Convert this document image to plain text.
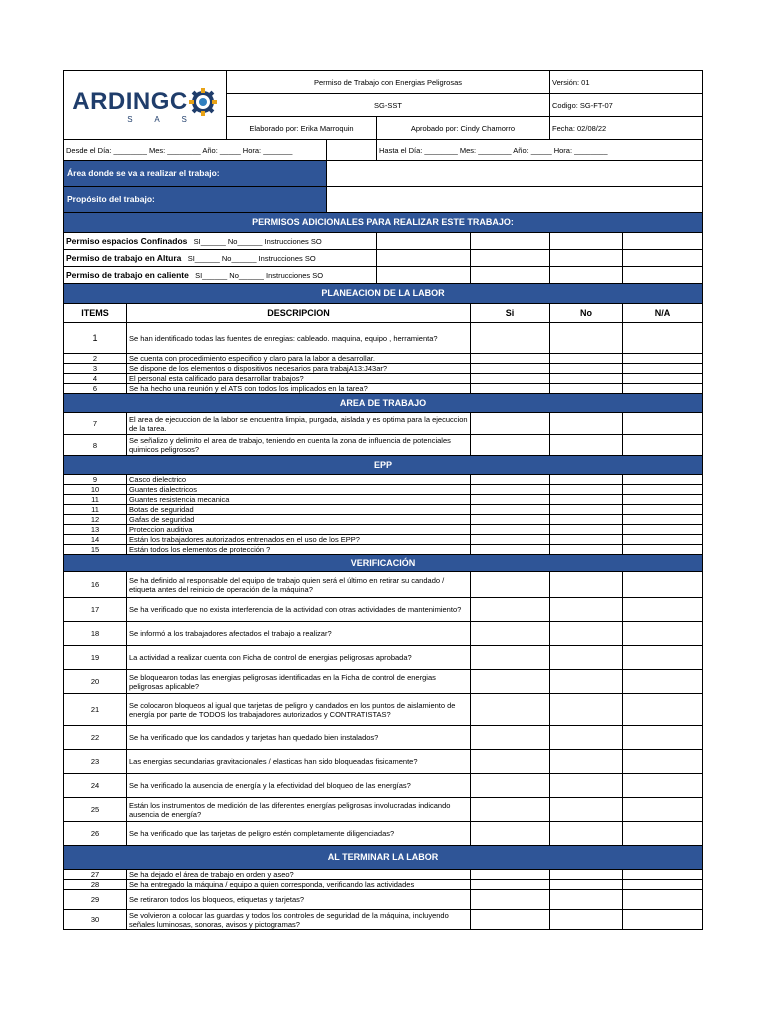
ARDINGC
S A S		Permiso de Trabajo con Energias Peligrosas				Versión: 01	
		SG-SST				Codigo: SG-FT-07	
		Elaborado por: Erika Marroquin		Aprobado por: Cindy Chamorro		Fecha: 02/08/22	
Desde el Día: ________ Mes: ________ Año: _____ Hora: _______				Hasta el Día: ________ Mes: ________ Año: _____ Hora: ________			
Área donde se va a realizar el trabajo:							
Propósito del trabajo:							
PERMISOS ADICIONALES PARA REALIZAR ESTE TRABAJO:							
Permiso espacios Confinados SI______ No______ Instrucciones SO							
Permiso de trabajo en Altura SI______ No______ Instrucciones SO							
Permiso de trabajo en caliente SI______ No______ Instrucciones SO							
PLANEACION DE LA LABOR							
ITEMS	DESCRIPCION				Si	No	N/A
1	Se han identificado todas las fuentes de enregias: cableado. maquina, equipo , herramienta?						
2	Se cuenta con procedimiento especifico y claro para la labor a desarrollar.						
3	Se dispone de los elementos o dispositivos necesarios para trabajA13:J43ar?						
4	El personal esta calificado para desarrollar trabajos?						
6	Se ha hecho una reunión y el ATS con todos los implicados en la tarea?						
AREA DE TRABAJO							
7	El area de ejecuccion de la labor se encuentra limpia, purgada, aislada y es optima para la ejecuccion de la tarea.						
8	Se señalizo y delimito el area de trabajo, teniendo en cuenta la zona de influencia de potenciales quimicos peligrosos?						
EPP							
9	Casco dielectrico						
10	Guantes dialectricos						
11	Guantes resistencia mecanica						
11	Botas de seguridad						
12	Gafas de seguridad						
13	Proteccion auditiva						
14	Están los trabajadores autorizados entrenados en el uso de los EPP?						
15	Están todos los elementos de protección ?						
VERIFICACIÓN							
16	Se ha definido al responsable del equipo de trabajo quien será el último en retirar su candado / etiqueta antes del reinicio de operación de la máquina?						
17	Se ha verificado que no exista interferencia de la actividad con otras actividades de mantenimiento?						
18	Se informó a los trabajadores afectados el trabajo a realizar?						
19	La actividad a realizar cuenta con Ficha de control de energias peligrosas aprobada?						
20	Se bloquearon todas las energias peligrosas identificadas en la Ficha de control de energias peligrosas aplicable?						
21	Se colocaron bloqueos al igual que tarjetas de peligro y candados en los puntos de aislamiento de energía por parte de TODOS los trabajadores autorizados y CONTRATISTAS?						
22	Se ha verificado que los candados y tarjetas han quedado bien instalados?						
23	Las energias secundarias gravitacionales / elasticas han sido bloqueadas fisicamente?						
24	Se ha verificado la ausencia de energía y la efectividad del bloqueo de las energías?						
25	Están los instrumentos de medición de las diferentes energías peligrosas involucradas indicando ausencia de energía?						
26	Se ha verificado que las tarjetas de peligro estén completamente diligenciadas?						
AL TERMINAR LA LABOR							
27	Se ha dejado el área de trabajo en orden y aseo?						
28	Se ha entregado la máquina / equipo a quien corresponda, verificando las actividades						
29	Se retiraron todos los bloqueos, etiquetas y tarjetas?						
30	Se volvieron a colocar las guardas y todos los controles de seguridad de la máquina, incluyendo señales luminosas, sonoras, avisos y pictogramas?						
